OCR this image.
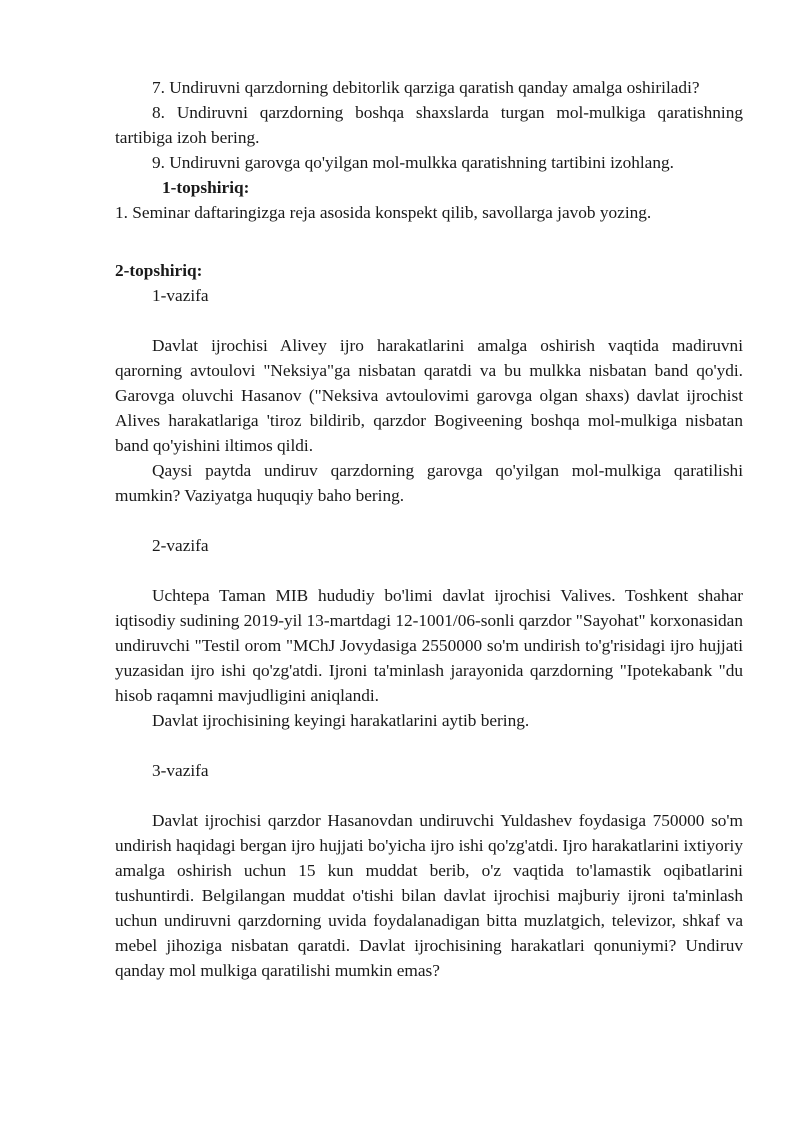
7. Undiruvni qarzdorning debitorlik qarziga qaratish qanday amalga oshiriladi?

8. Undiruvni qarzdorning boshqa shaxslarda turgan mol-mulkiga qaratishning tartibiga izoh bering.

9. Undiruvni garovga qo'yilgan mol-mulkka qaratishning tartibini izohlang.

1-topshiriq:

1. Seminar daftaringizga reja asosida konspekt qilib, savollarga javob yozing.

2-topshiriq:

1-vazifa

Davlat ijrochisi Alivey ijro harakatlarini amalga oshirish vaqtida madiruvni qarorning avtoulovi "Neksiya"ga nisbatan qaratdi va bu mulkka nisbatan band qo'ydi. Garovga oluvchi Hasanov ("Neksiva avtoulovimi garovga olgan shaxs) davlat ijrochist Alives harakatlariga 'tiroz bildirib, qarzdor Bogiveening boshqa mol-mulkiga nisbatan band qo'yishini iltimos qildi.

Qaysi paytda undiruv qarzdorning garovga qo'yilgan mol-mulkiga qaratilishi mumkin? Vaziyatga huquqiy baho bering.

2-vazifa

Uchtepa Taman MIB hududiy bo'limi davlat ijrochisi Valives. Toshkent shahar iqtisodiy sudining 2019-yil 13-martdagi 12-1001/06-sonli qarzdor "Sayohat" korxonasidan undiruvchi "Testil orom "MChJ Jovydasiga 2550000 so'm undirish to'g'risidagi ijro hujjati yuzasidan ijro ishi qo'zg'atdi. Ijroni ta'minlash jarayonida qarzdorning "Ipotekabank "du hisob raqamni mavjudligini aniqlandi.

Davlat ijrochisining keyingi harakatlarini aytib bering.

3-vazifa

Davlat ijrochisi qarzdor Hasanovdan undiruvchi Yuldashev foydasiga 750000 so'm undirish haqidagi bergan ijro hujjati bo'yicha ijro ishi qo'zg'atdi. Ijro harakatlarini ixtiyoriy amalga oshirish uchun 15 kun muddat berib, o'z vaqtida to'lamastik oqibatlarini tushuntirdi. Belgilangan muddat o'tishi bilan davlat ijrochisi majburiy ijroni ta'minlash uchun undiruvni qarzdorning uvida foydalanadigan bitta muzlatgich, televizor, shkaf va mebel jihoziga nisbatan qaratdi. Davlat ijrochisining harakatlari qonuniymi? Undiruv qanday mol mulkiga qaratilishi mumkin emas?
